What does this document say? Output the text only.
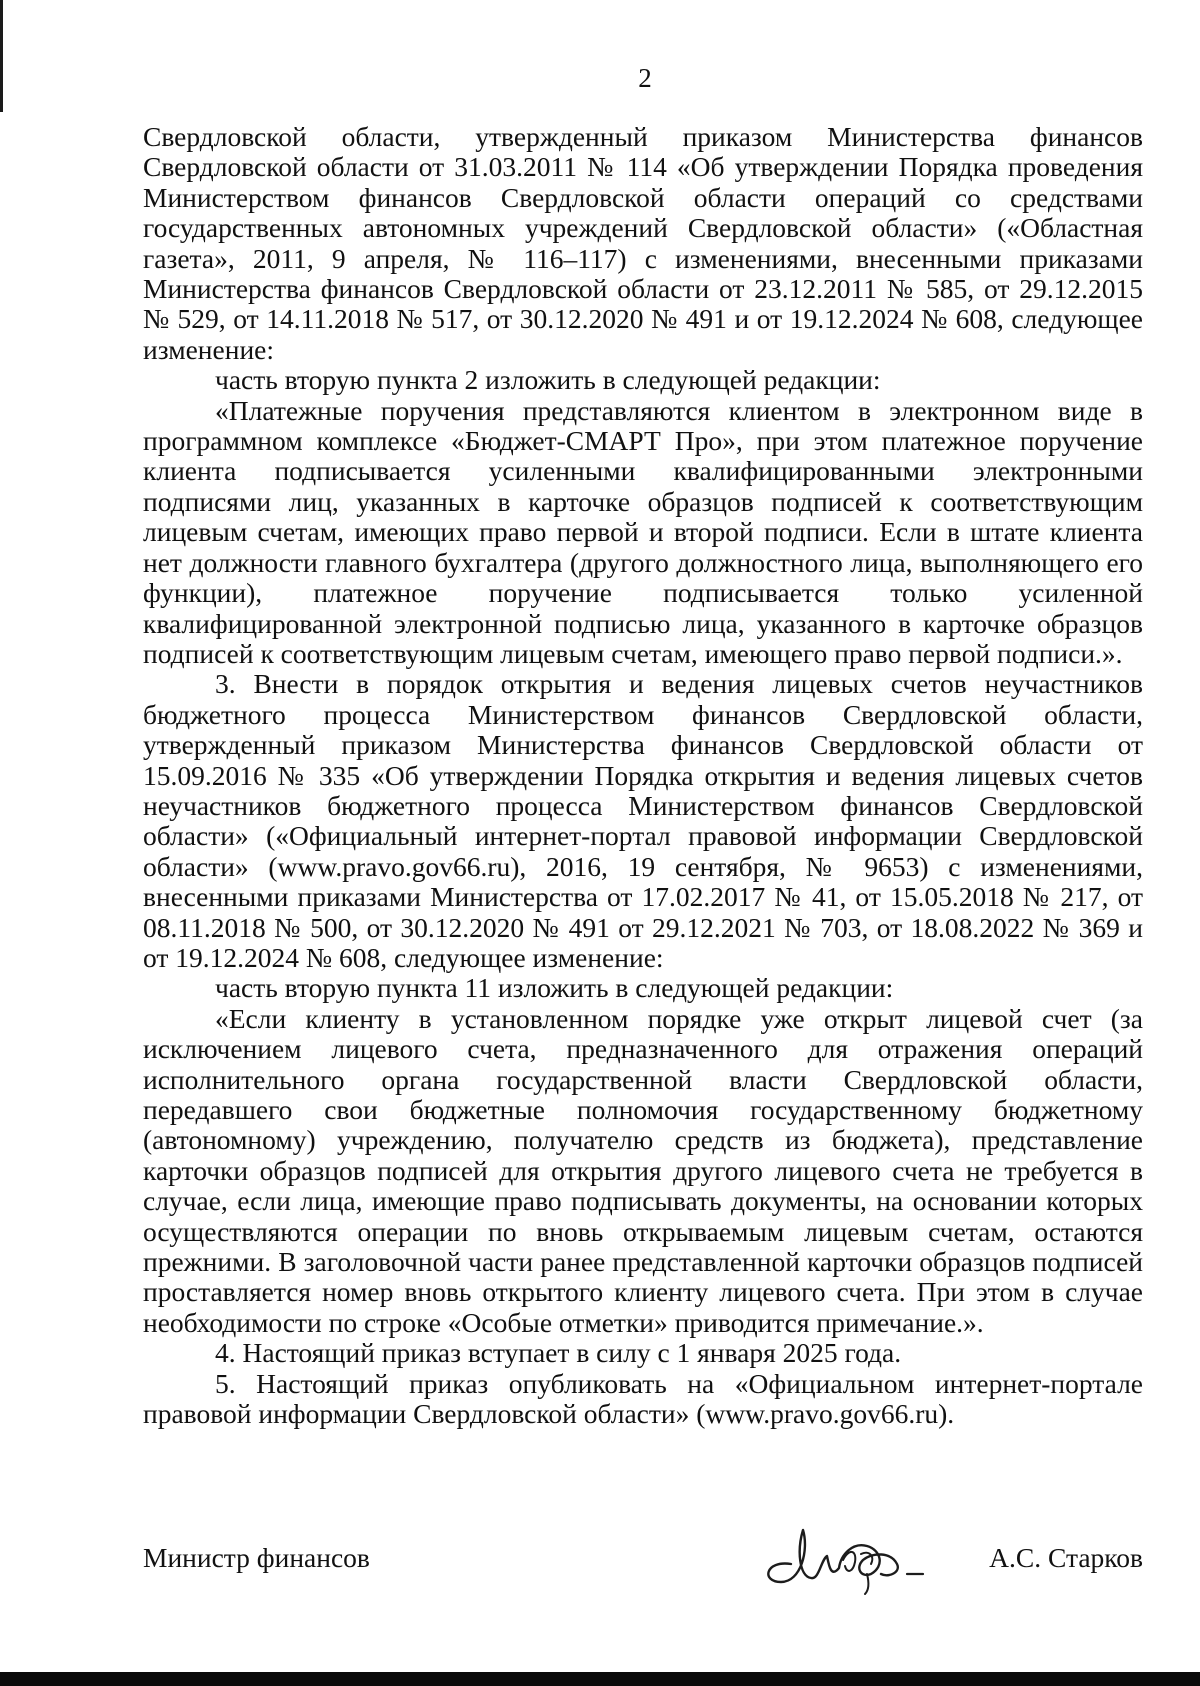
2

Свердловской области, утвержденный приказом Министерства финансов Свердловской области от 31.03.2011 № 114 «Об утверждении Порядка проведения Министерством финансов Свердловской области операций со средствами государственных автономных учреждений Свердловской области» («Областная газета», 2011, 9 апреля, № 116–117) с изменениями, внесенными приказами Министерства финансов Свердловской области от 23.12.2011 № 585, от 29.12.2015 № 529, от 14.11.2018 № 517, от 30.12.2020 № 491 и от 19.12.2024 № 608, следующее изменение:

часть вторую пункта 2 изложить в следующей редакции:

«Платежные поручения представляются клиентом в электронном виде в программном комплексе «Бюджет-СМАРТ Про», при этом платежное поручение клиента подписывается усиленными квалифицированными электронными подписями лиц, указанных в карточке образцов подписей к соответствующим лицевым счетам, имеющих право первой и второй подписи. Если в штате клиента нет должности главного бухгалтера (другого должностного лица, выполняющего его функции), платежное поручение подписывается только усиленной квалифицированной электронной подписью лица, указанного в карточке образцов подписей к соответствующим лицевым счетам, имеющего право первой подписи.».

3. Внести в порядок открытия и ведения лицевых счетов неучастников бюджетного процесса Министерством финансов Свердловской области, утвержденный приказом Министерства финансов Свердловской области от 15.09.2016 № 335 «Об утверждении Порядка открытия и ведения лицевых счетов неучастников бюджетного процесса Министерством финансов Свердловской области» («Официальный интернет-портал правовой информации Свердловской области» (www.pravo.gov66.ru), 2016, 19 сентября, № 9653) с изменениями, внесенными приказами Министерства от 17.02.2017 № 41, от 15.05.2018 № 217, от 08.11.2018 № 500, от 30.12.2020 № 491 от 29.12.2021 № 703, от 18.08.2022 № 369 и от 19.12.2024 № 608, следующее изменение:

часть вторую пункта 11 изложить в следующей редакции:

«Если клиенту в установленном порядке уже открыт лицевой счет (за исключением лицевого счета, предназначенного для отражения операций исполнительного органа государственной власти Свердловской области, передавшего свои бюджетные полномочия государственному бюджетному (автономному) учреждению, получателю средств из бюджета), представление карточки образцов подписей для открытия другого лицевого счета не требуется в случае, если лица, имеющие право подписывать документы, на основании которых осуществляются операции по вновь открываемым лицевым счетам, остаются прежними. В заголовочной части ранее представленной карточки образцов подписей проставляется номер вновь открытого клиенту лицевого счета. При этом в случае необходимости по строке «Особые отметки» приводится примечание.».

4. Настоящий приказ вступает в силу с 1 января 2025 года.

5. Настоящий приказ опубликовать на «Официальном интернет-портале правовой информации Свердловской области» (www.pravo.gov66.ru).

Министр финансов	А.С. Старков
